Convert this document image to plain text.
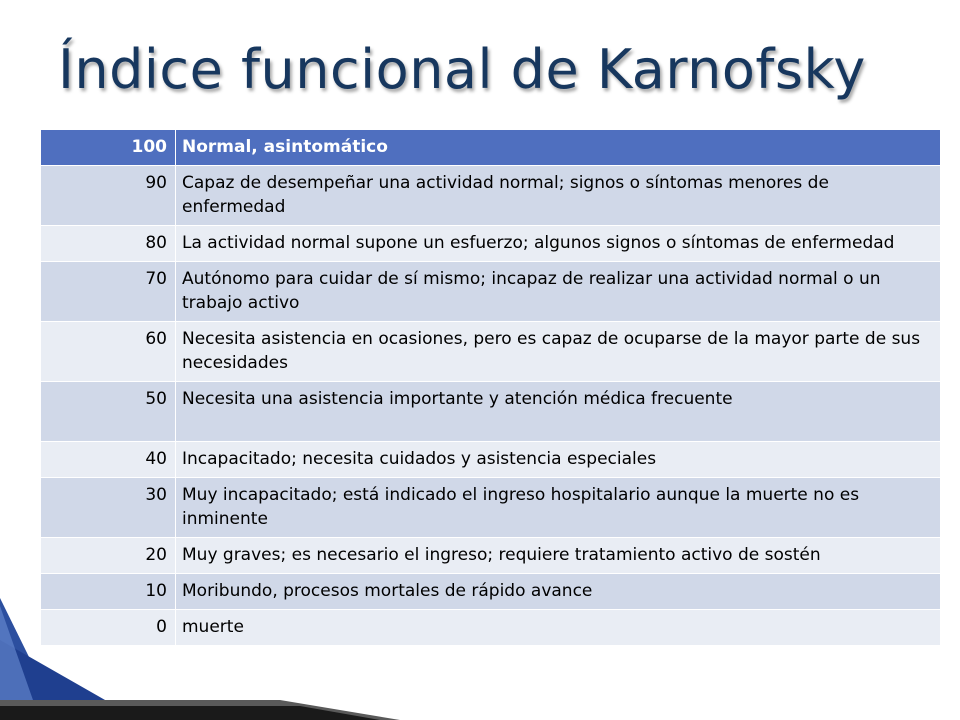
Índice funcional de Karnofsky
100	Normal, asintomático
90	Capaz de desempeñar una actividad normal; signos o síntomas menores de enfermedad
80	La actividad normal supone un esfuerzo; algunos signos o síntomas de enfermedad
70	Autónomo para cuidar de sí mismo; incapaz de realizar una actividad normal o un trabajo activo
60	Necesita asistencia en ocasiones, pero es capaz de ocuparse de la mayor parte de sus necesidades
50	Necesita una asistencia importante y atención médica frecuente
40	Incapacitado; necesita cuidados y asistencia especiales
30	Muy incapacitado; está indicado el ingreso hospitalario aunque la muerte no es inminente
20	Muy graves; es necesario el ingreso; requiere tratamiento activo de sostén
10	Moribundo, procesos mortales de rápido avance
0	muerte
